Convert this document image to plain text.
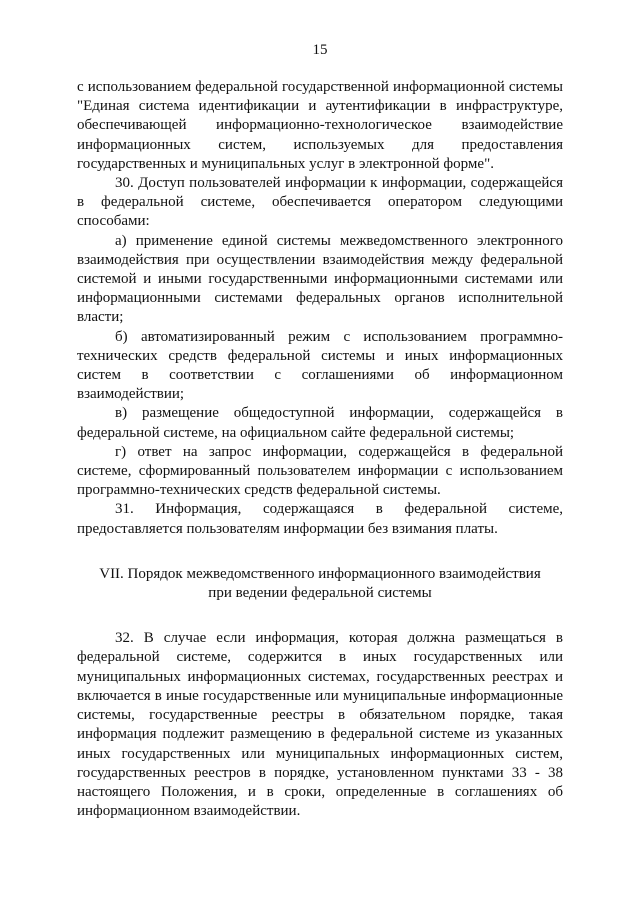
15

с использованием федеральной государственной информационной системы "Единая система идентификации и аутентификации в инфраструктуре, обеспечивающей информационно-технологическое взаимодействие информационных систем, используемых для предоставления государственных и муниципальных услуг в электронной форме".

30. Доступ пользователей информации к информации, содержащейся в федеральной системе, обеспечивается оператором следующими способами:

а) применение единой системы межведомственного электронного взаимодействия при осуществлении взаимодействия между федеральной системой и иными государственными информационными системами или информационными системами федеральных органов исполнительной власти;

б) автоматизированный режим с использованием программно-технических средств федеральной системы и иных информационных систем в соответствии с соглашениями об информационном взаимодействии;

в) размещение общедоступной информации, содержащейся в федеральной системе, на официальном сайте федеральной системы;

г) ответ на запрос информации, содержащейся в федеральной системе, сформированный пользователем информации с использованием программно-технических средств федеральной системы.

31. Информация, содержащаяся в федеральной системе, предоставляется пользователям информации без взимания платы.

VII. Порядок межведомственного информационного взаимодействия
при ведении федеральной системы

32. В случае если информация, которая должна размещаться в федеральной системе, содержится в иных государственных или муниципальных информационных системах, государственных реестрах и включается в иные государственные или муниципальные информационные системы, государственные реестры в обязательном порядке, такая информация подлежит размещению в федеральной системе из указанных иных государственных или муниципальных информационных систем, государственных реестров в порядке, установленном пунктами 33 - 38 настоящего Положения, и в сроки, определенные в соглашениях об информационном взаимодействии.
